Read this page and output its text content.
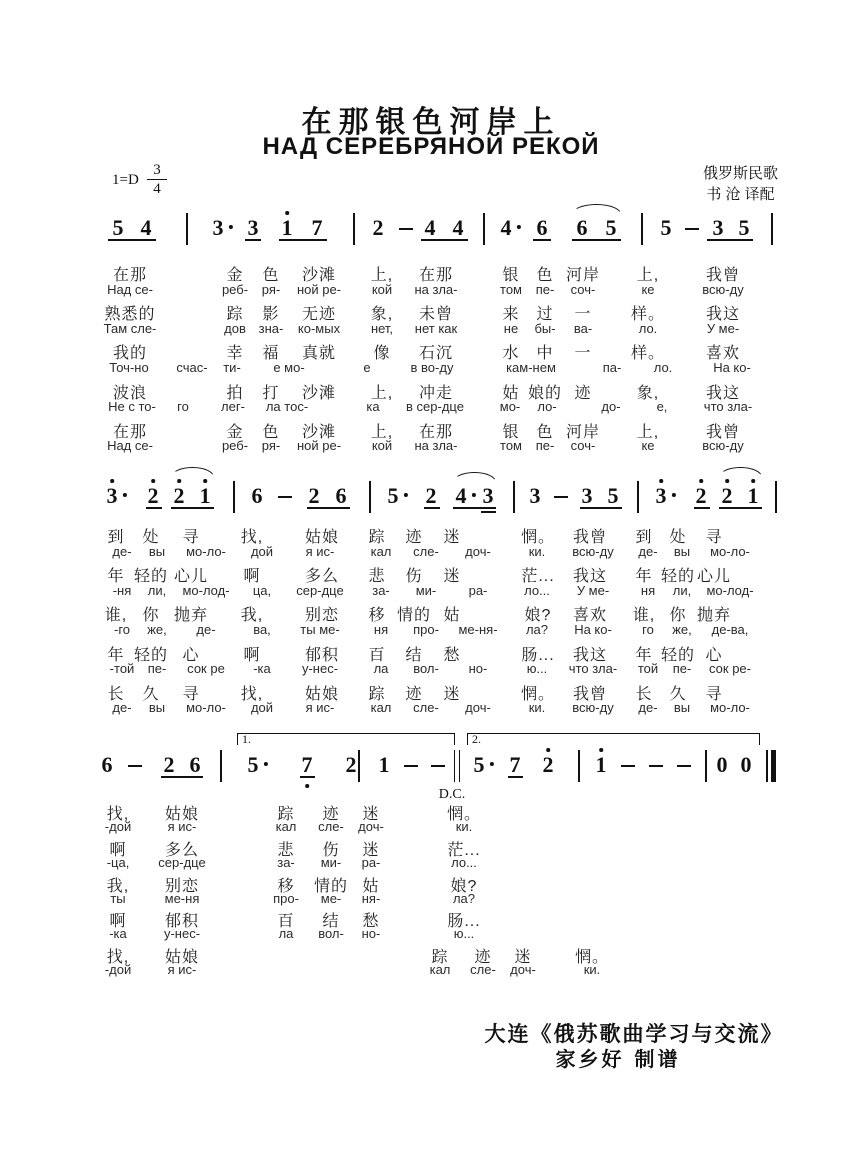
在那银色河岸上
НАД СЕРЕБРЯНОЙ РЕКОЙ
$1=D \frac{3}{4}$	俄罗斯民歌
书 沧 译配
大连《俄苏歌曲学习与交流》
家乡好 制谱
5 4	3 3 1 7 2 4 4 4 6 6 5 5 3 5
3 2 2 1 6 2 6 5 2 4 3 3 3 5 3 2 2 1
1.	2.
6 2 6 5 7 2 1	5 7 2 1	0 0
D.C.
在那	金 色 沙滩 上, 在那	银 色 河岸 上,	我曾
Над се-	реб- ря- ной ре- кой на зла-	том пе- соч-	ке	всю-ду
熟悉的	踪 影 无迹 象, 未曾	来 过 一 样。	我这
Там сле-	дов зна- ко-мых нет, нет как	не бы- ва-	ло.	У ме-
我的	幸 福 真就 像 石沉	水 中 一 样。	喜欢
Точ-но счас- ти-	е мо-	е	в во-ду	кам-нем	па- ло.	На ко-
波浪	拍 打 沙滩 上, 冲走	姑 娘的 迹	象,	我这
Не с то- го лег- ла тос-	ка в сер-дце	мо- ло-	до-	е,	что зла-
在那	金 色 沙滩 上, 在那	银 色 河岸 上,	我曾
Над се-	реб- ря- ной ре- кой на зла-	том пе- соч-	ке	всю-ду
到 处 寻	找,	姑娘 踪 迹 迷	惘。 我曾 到 处 寻
де- вы мо-ло- дой	я ис-	кал сле- доч-	ки. всю-ду де- вы мо-ло-
年 轻的 心儿 啊	多么 悲 伤 迷	茫... 我这 年 轻的 心儿
-ня ли, мо-лод- ца, сер-дце за- ми- ра-	ло... У ме- ня ли, мо-лод-
谁, 你 抛弃 我,	别恋 移 情的 姑	娘? 喜欢 谁, 你 抛弃
-го же, де-	ва, ты ме-	ня про- ме-ня- ла? На ко- го же, де-ва,
年 轻的 心	啊	郁积 百 结 愁	肠... 我这 年 轻的 心
-той пе- сок ре -ка у-нес-	ла вол- но-	ю... что зла- той пе- сок ре-
长 久 寻	找,	姑娘 踪 迹 迷	惘。 我曾 长 久 寻
де- вы мо-ло- дой	я ис-	кал сле- доч-	ки. всю-ду де- вы мо-ло-
找, 姑娘	踪 迹 迷	惘。
-дой	я ис-	кал сле- доч-	ки.
啊 多么	悲 伤 迷	茫...
-ца, сер-дце	за- ми- ра-	ло...
我, 别恋	移 情的 姑	娘?
ты	ме-ня	про- ме- ня-	ла?
啊 郁积	百 结 愁	肠...
-ка	у-нес-	ла вол- но-	ю...
找, 姑娘	踪 迹 迷	惘。
-дой	я ис-	кал сле- доч-	ки.
